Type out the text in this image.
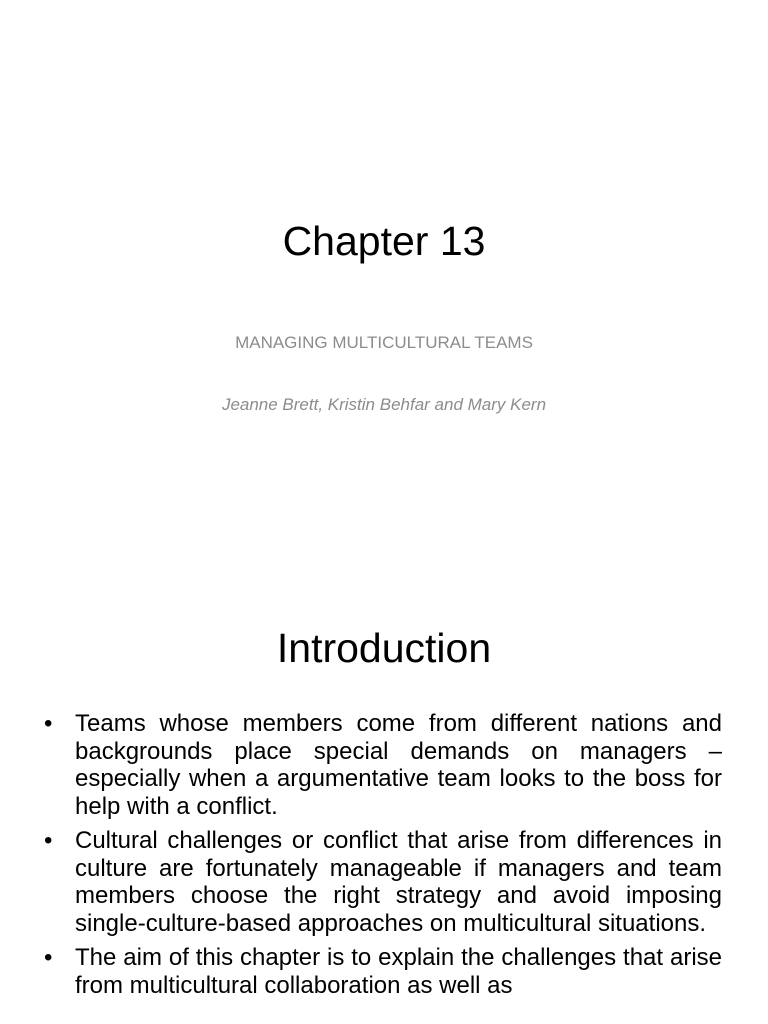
Chapter 13

MANAGING MULTICULTURAL TEAMS

Jeanne Brett, Kristin Behfar and Mary Kern

Introduction
• Teams whose members come from different nations and backgrounds place special demands on managers – especially when a argumentative team looks to the boss for help with a conflict.
• Cultural challenges or conflict that arise from differences in culture are fortunately manageable if managers and team members choose the right strategy and avoid imposing single-culture-based approaches on multicultural situations.
• The aim of this chapter is to explain the challenges that arise from multicultural collaboration as well as
